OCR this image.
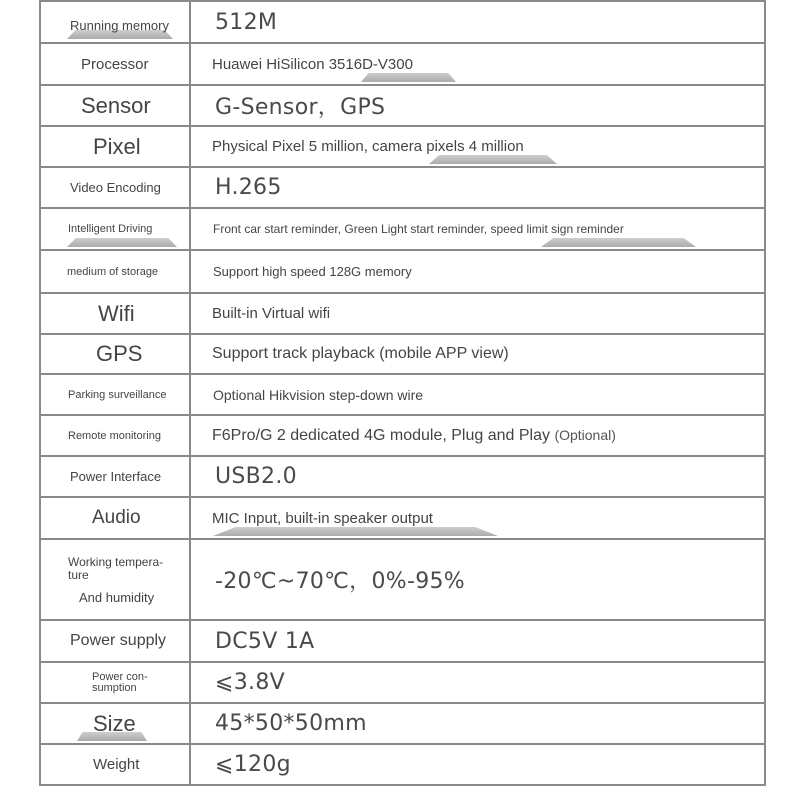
Running memory	512M

Processor	Huawei HiSilicon 3516D-V300

Sensor	G-Sensor，GPS

Pixel	Physical Pixel 5 million, camera pixels 4 million

Video Encoding	H.265

Intelligent Driving	Front car start reminder, Green Light start reminder, speed limit sign reminder

medium of storage	Support high speed 128G memory

Wifi	Built-in Virtual wifi

GPS	Support track playback (mobile APP view)

Parking surveillance	Optional Hikvision step-down wire

Remote monitoring	F6Pro/G 2 dedicated 4G module, Plug and Play (Optional)

Power Interface	USB2.0

Audio	MIC Input, built-in speaker output

Working tempera-
ture
And humidity	-20℃~70℃，0%-95%

Power supply	DC5V 1A

Power con-
sumption	⩽3.8V

Size	45*50*50mm

Weight	⩽120g
